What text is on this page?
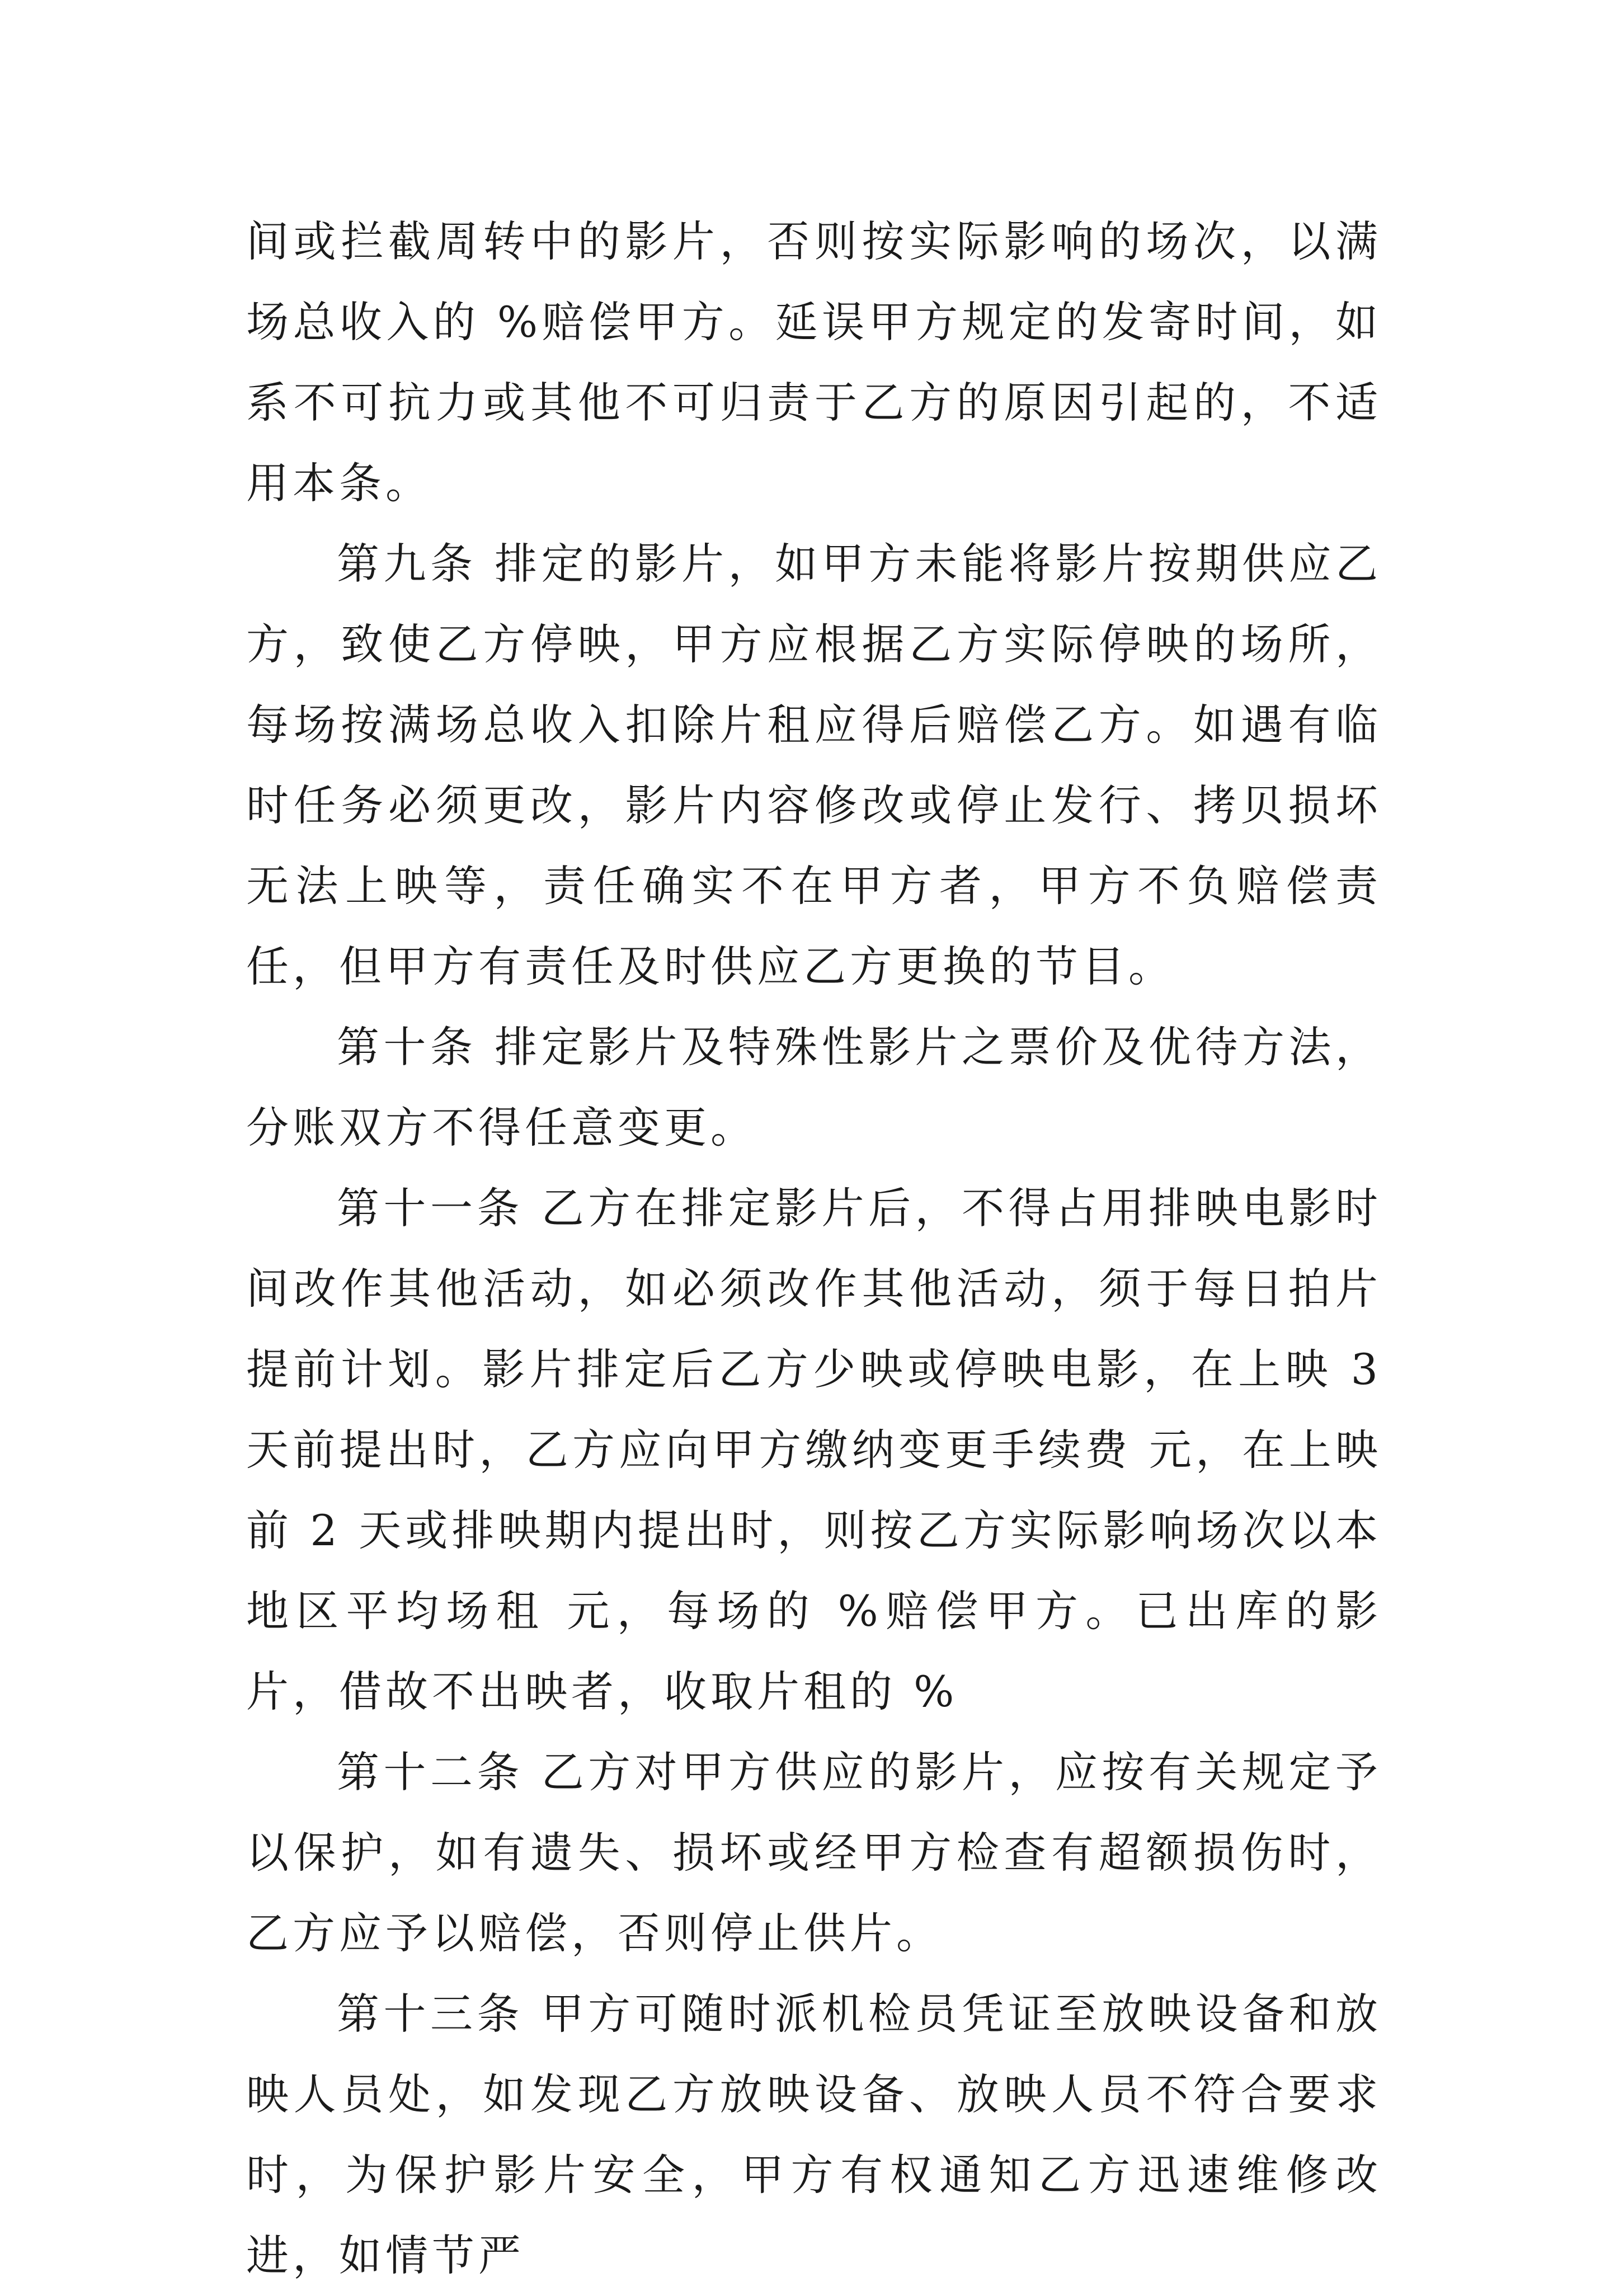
间或拦截周转中的影片，否则按实际影响的场次，以满场总收入的 %赔偿甲方。延误甲方规定的发寄时间，如系不可抗力或其他不可归责于乙方的原因引起的，不适用本条。

第九条 排定的影片，如甲方未能将影片按期供应乙方，致使乙方停映，甲方应根据乙方实际停映的场所，每场按满场总收入扣除片租应得后赔偿乙方。如遇有临时任务必须更改，影片内容修改或停止发行、拷贝损坏无法上映等，责任确实不在甲方者，甲方不负赔偿责任，但甲方有责任及时供应乙方更换的节目。

第十条 排定影片及特殊性影片之票价及优待方法，分账双方不得任意变更。

第十一条 乙方在排定影片后，不得占用排映电影时间改作其他活动，如必须改作其他活动，须于每日拍片提前计划。影片排定后乙方少映或停映电影，在上映 3 天前提出时，乙方应向甲方缴纳变更手续费 元，在上映前 2 天或排映期内提出时，则按乙方实际影响场次以本地区平均场租 元，每场的 %赔偿甲方。已出库的影片，借故不出映者，收取片租的 %

第十二条 乙方对甲方供应的影片，应按有关规定予以保护，如有遗失、损坏或经甲方检查有超额损伤时，乙方应予以赔偿，否则停止供片。

第十三条 甲方可随时派机检员凭证至放映设备和放映人员处，如发现乙方放映设备、放映人员不符合要求时，为保护影片安全，甲方有权通知乙方迅速维修改进，如情节严
